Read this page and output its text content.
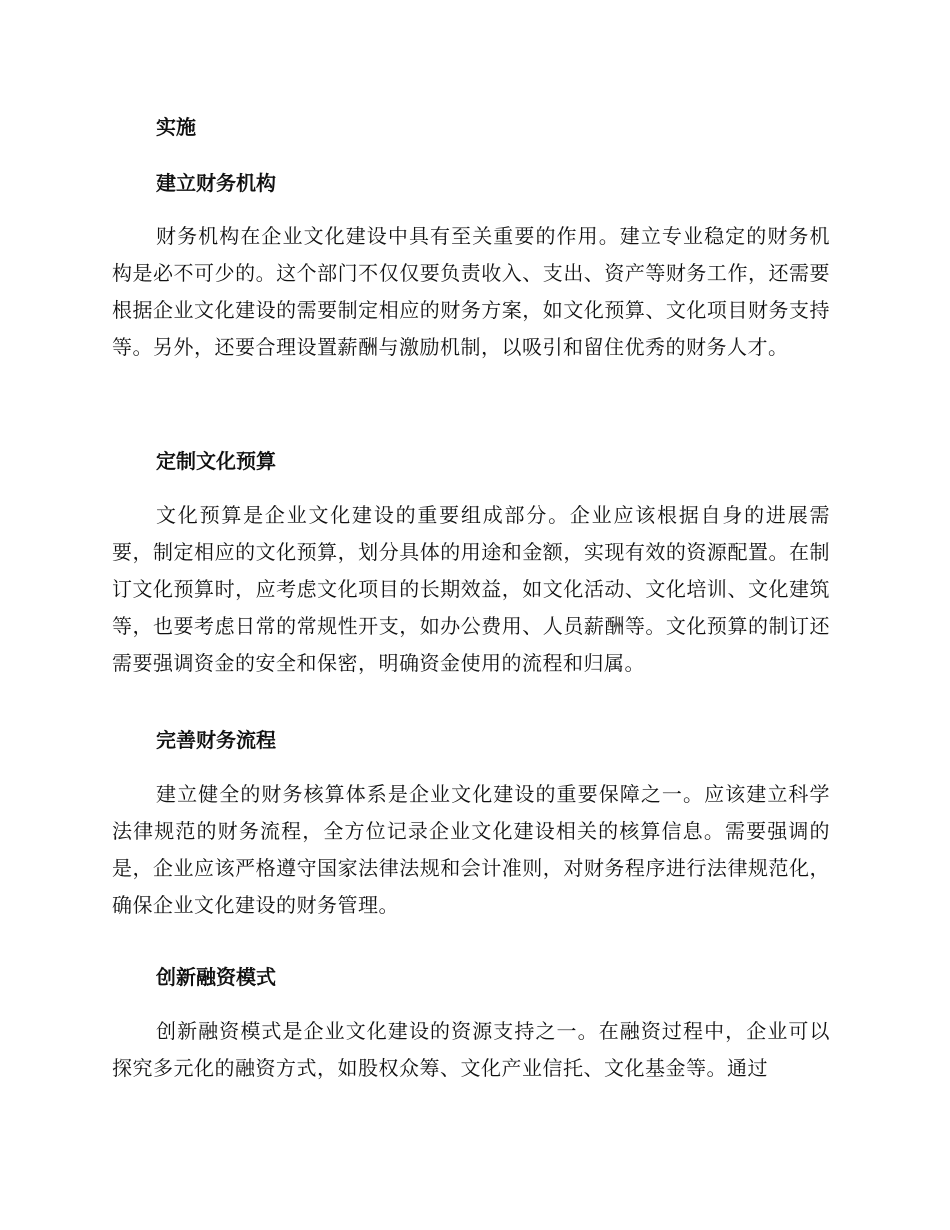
实施
建立财务机构
财务机构在企业文化建设中具有至关重要的作用。建立专业稳定的财务机构是必不可少的。这个部门不仅仅要负责收入、支出、资产等财务工作，还需要根据企业文化建设的需要制定相应的财务方案，如文化预算、文化项目财务支持等。另外，还要合理设置薪酬与激励机制，以吸引和留住优秀的财务人才。
定制文化预算
文化预算是企业文化建设的重要组成部分。企业应该根据自身的进展需要，制定相应的文化预算，划分具体的用途和金额，实现有效的资源配置。在制订文化预算时，应考虑文化项目的长期效益，如文化活动、文化培训、文化建筑等，也要考虑日常的常规性开支，如办公费用、人员薪酬等。文化预算的制订还需要强调资金的安全和保密，明确资金使用的流程和归属。
完善财务流程
建立健全的财务核算体系是企业文化建设的重要保障之一。应该建立科学法律规范的财务流程，全方位记录企业文化建设相关的核算信息。需要强调的是，企业应该严格遵守国家法律法规和会计准则，对财务程序进行法律规范化，确保企业文化建设的财务管理。
创新融资模式
创新融资模式是企业文化建设的资源支持之一。在融资过程中，企业可以探究多元化的融资方式，如股权众筹、文化产业信托、文化基金等。通过
